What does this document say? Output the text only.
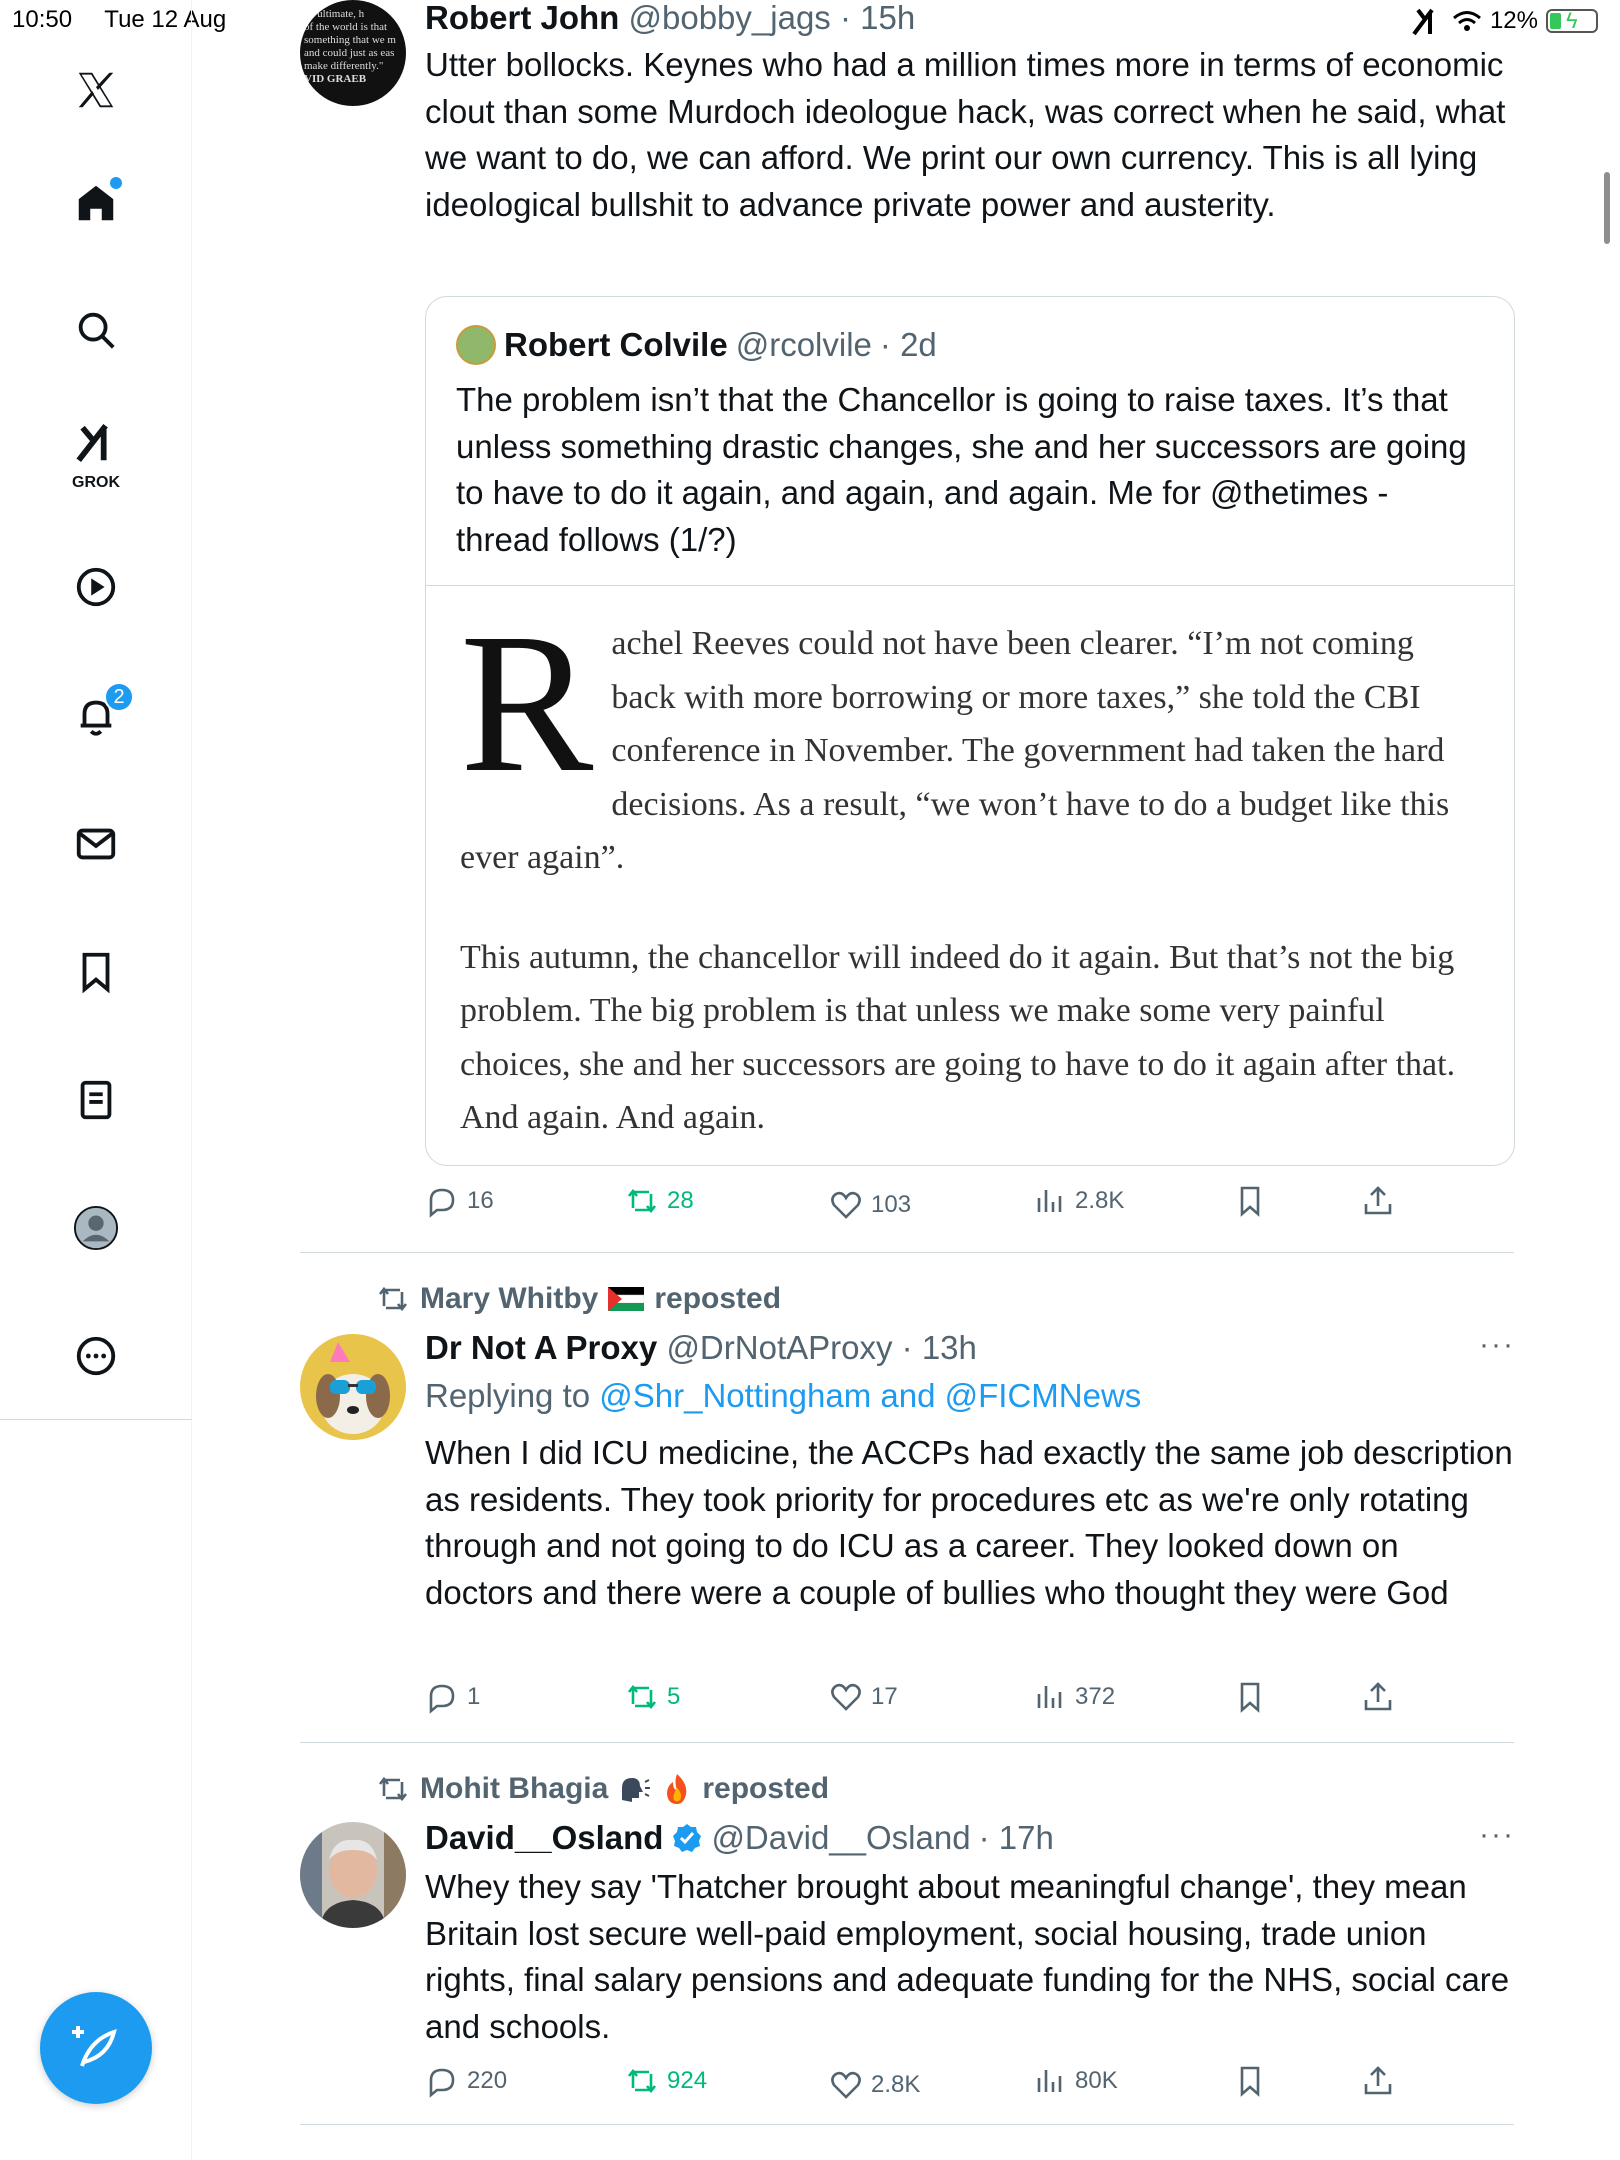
10:50 Tue 12 Aug	12% ϟ
GROK
2
he ultimate, h
of the world is that
something that we m
and could just as eas
make differently."
VID GRAEB
Robert John @bobby_jags · 15h
Utter bollocks. Keynes who had a million times more in terms of economic clout than some Murdoch ideologue hack, was correct when he said, what we want to do, we can afford. We print our own currency. This is all lying ideological bullshit to advance private power and austerity.
Robert Colvile @rcolvile · 2d
The problem isn’t that the Chancellor is going to raise taxes. It’s that unless something drastic changes, she and her successors are going to have to do it again, and again, and again. Me for @thetimes - thread follows (1/?)
R achel Reeves could not have been clearer. “I’m not coming back with more borrowing or more taxes,” she told the CBI conference in November. The government had taken the hard decisions. As a result, “we won’t have to do a budget like this ever again”.

This autumn, the chancellor will indeed do it again. But that’s not the big problem. The big problem is that unless we make some very painful choices, she and her successors are going to have to do it again after that. And again. And again.

16	28	103	2.8K
Mary Whitby reposted
Dr Not A Proxy @DrNotAProxy · 13h	···
Replying to @Shr_Nottingham and @FICMNews
When I did ICU medicine, the ACCPs had exactly the same job description as residents. They took priority for procedures etc as we're only rotating through and not going to do ICU as a career. They looked down on doctors and there were a couple of bullies who thought they were God
1	5	17	372
Mohit Bhagia	reposted
David__Osland @David__Osland · 17h	···
Whey they say 'Thatcher brought about meaningful change', they mean Britain lost secure well-paid employment, social housing, trade union rights, final salary pensions and adequate funding for the NHS, social care and schools.
220	924	2.8K	80K
